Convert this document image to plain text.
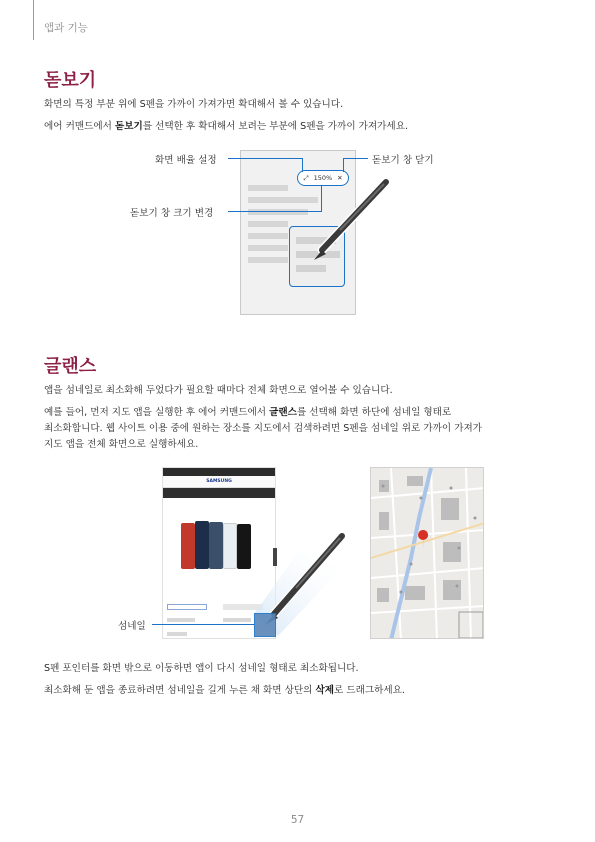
앱과 기능
돋보기
화면의 특정 부분 위에 S펜을 가까이 가져가면 확대해서 볼 수 있습니다.
에어 커맨드에서 돋보기를 선택한 후 확대해서 보려는 부분에 S펜을 가까이 가져가세요.
⤢ 150% ✕
화면 배율 설정	돋보기 창 닫기
돋보기 창 크기 변경
글랜스
앱을 섬네일로 최소화해 두었다가 필요할 때마다 전체 화면으로 열어볼 수 있습니다.
예를 들어, 먼저 지도 앱을 실행한 후 에어 커맨드에서 글랜스를 선택해 화면 하단에 섬네일 형태로
최소화합니다. 웹 사이트 이용 중에 원하는 장소를 지도에서 검색하려면 S펜을 섬네일 위로 가까이 가져가
지도 앱을 전체 화면으로 실행하세요.
SAMSUNG
섬네일
S펜 포인터를 화면 밖으로 이동하면 앱이 다시 섬네일 형태로 최소화됩니다.
최소화해 둔 앱을 종료하려면 섬네일을 길게 누른 채 화면 상단의 삭제로 드래그하세요.
57
